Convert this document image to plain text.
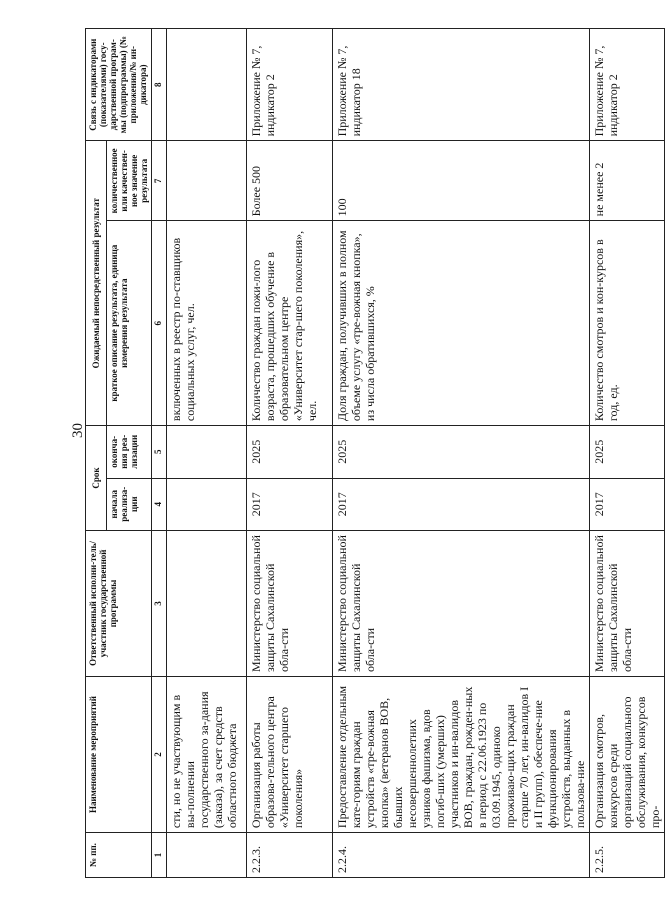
30
№ пп.	Наименование мероприятий	Ответственный исполни-тель/участник государственной программы	Срок		Ожидаемый непосредственный результат		Связь с индикаторами (показателями) госу-дарственной програм-мы (подпрограммы) (№ приложения/№ ин-дикатора)
			начала реализа-ции	оконча-ния реа-лизации	краткое описание результата, единица измерения результата	количественное или качествен-ное значение результата	
1	2	3	4	5	6	7	8
	сти, но не участвующим в вы-полнении государственного за-дания (заказа), за счет средств областного бюджета				включенных в реестр по-ставщиков социальных услуг, чел.		
2.2.3.	Организация работы образова-тельного центра «Университет старшего поколения»	Министерство социальной защиты Сахалинской обла-сти	2017	2025	Количество граждан пожи-лого возраста, прошедших обучение в образовательном центре «Университет стар-шего поколения», чел.	Более 500	Приложение № 7, индикатор 2
2.2.4.	Предоставление отдельным кате-гориям граждан устройств «тре-вожная кнопка» (ветеранов ВОВ, бывших несовершеннолетних узников фашизма, вдов погиб-ших (умерших) участников и ин-валидов ВОВ, граждан, рожден-ных в период с 22.06.1923 по 03.09.1945, одиноко проживаю-щих граждан старше 70 лет, ин-валидов I и II групп), обеспече-ние функционирования устройств, выданных в пользова-ние	Министерство социальной защиты Сахалинской обла-сти	2017	2025	Доля граждан, получивших в полном объеме услугу «тре-вожная кнопка», из числа обратившихся, %	100	Приложение № 7, индикатор 18
2.2.5.	Организация смотров, конкурсов среди организаций социального обслуживания, конкурсов про-	Министерство социальной защиты Сахалинской обла-сти	2017	2025	Количество смотров и кон-курсов в год, ед.	не менее 2	Приложение № 7, индикатор 2
